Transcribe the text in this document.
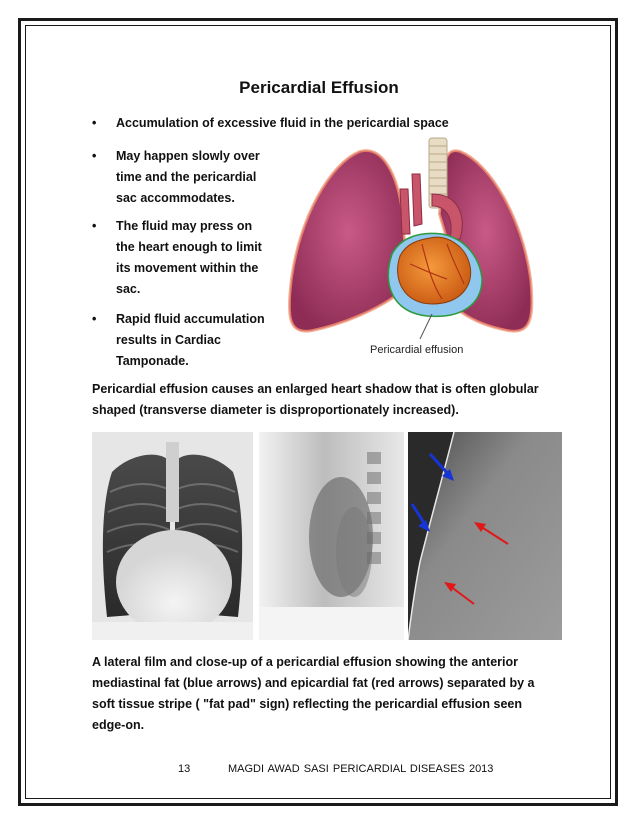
Pericardial Effusion
• Accumulation of excessive fluid in the pericardial space
• May happen slowly over
time and the pericardial
sac accommodates.
• The fluid may press on
the heart enough to limit
its movement within the
sac.
• Rapid fluid accumulation
results in Cardiac
Tamponade.
Pericardial effusion
Pericardial effusion causes an enlarged heart shadow that is often globular
shaped (transverse diameter is disproportionately increased).
A lateral film and close-up of a pericardial effusion showing the anterior
mediastinal fat (blue arrows) and epicardial fat (red arrows) separated by a
soft tissue stripe ( "fat pad" sign) reflecting the pericardial effusion seen
edge-on.
13	MAGDI AWAD SASI PERICARDIAL DISEASES 2013
